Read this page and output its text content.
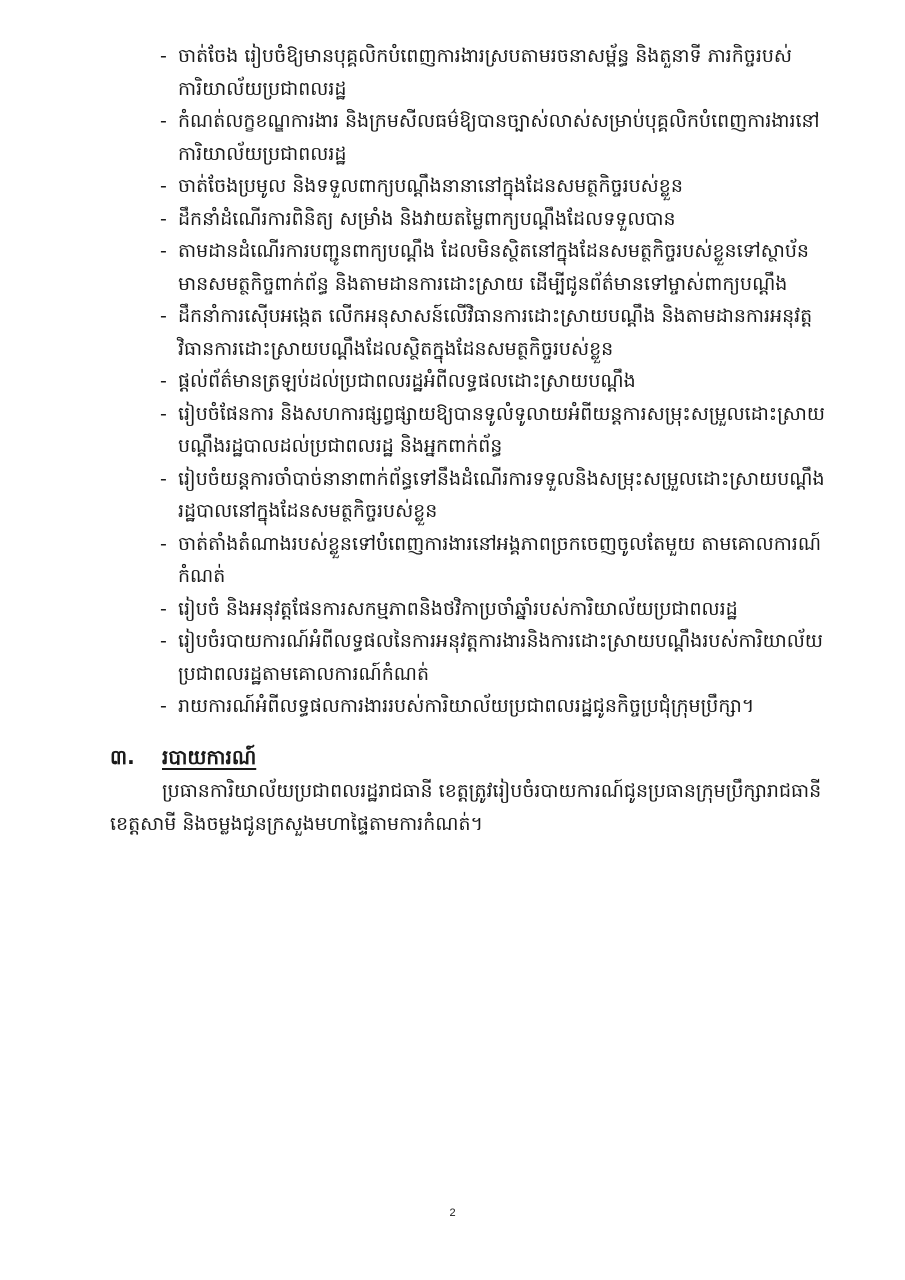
- ចាត់ចែង រៀបចំឱ្យមានបុគ្គលិកបំពេញការងារស្របតាមរចនាសម្ព័ន្ធ និងតួនាទី ភារកិច្ចរបស់ការិយាល័យប្រជាពលរដ្ឋ
- កំណត់លក្ខខណ្ឌការងារ និងក្រមសីលធម៌ឱ្យបានច្បាស់លាស់សម្រាប់បុគ្គលិកបំពេញការងារនៅការិយាល័យប្រជាពលរដ្ឋ
- ចាត់ចែងប្រមូល និងទទួលពាក្យបណ្តឹងនានានៅក្នុងដែនសមត្ថកិច្ចរបស់ខ្លួន
- ដឹកនាំដំណើរការពិនិត្យ សម្រាំង និងវាយតម្លៃពាក្យបណ្តឹងដែលទទួលបាន
- តាមដានដំណើរការបញ្ជូនពាក្យបណ្តឹង ដែលមិនស្ថិតនៅក្នុងដែនសមត្ថកិច្ចរបស់ខ្លួនទៅស្ថាប័នមានសមត្ថកិច្ចពាក់ព័ន្ធ និងតាមដានការដោះស្រាយ ដើម្បីជូនព័ត៌មានទៅម្ចាស់ពាក្យបណ្តឹង
- ដឹកនាំការស៊ើបអង្កេត លើកអនុសាសន៍លើវិធានការដោះស្រាយបណ្តឹង និងតាមដានការអនុវត្តវិធានការដោះស្រាយបណ្តឹងដែលស្ថិតក្នុងដែនសមត្ថកិច្ចរបស់ខ្លួន
- ផ្តល់ព័ត៌មានត្រឡប់ដល់ប្រជាពលរដ្ឋអំពីលទ្ធផលដោះស្រាយបណ្តឹង
- រៀបចំផែនការ និងសហការផ្សព្វផ្សាយឱ្យបានទូលំទូលាយអំពីយន្តការសម្រុះសម្រួលដោះស្រាយបណ្តឹងរដ្ឋបាលដល់ប្រជាពលរដ្ឋ និងអ្នកពាក់ព័ន្ធ
- រៀបចំយន្តការចាំបាច់នានាពាក់ព័ន្ធទៅនឹងដំណើរការទទួលនិងសម្រុះសម្រួលដោះស្រាយបណ្តឹងរដ្ឋបាលនៅក្នុងដែនសមត្ថកិច្ចរបស់ខ្លួន
- ចាត់តាំងតំណាងរបស់ខ្លួនទៅបំពេញការងារនៅអង្គភាពច្រកចេញចូលតែមួយ តាមគោលការណ៍កំណត់
- រៀបចំ និងអនុវត្តផែនការសកម្មភាពនិងថវិកាប្រចាំឆ្នាំរបស់ការិយាល័យប្រជាពលរដ្ឋ
- រៀបចំរបាយការណ៍អំពីលទ្ធផលនៃការអនុវត្តការងារនិងការដោះស្រាយបណ្តឹងរបស់ការិយាល័យប្រជាពលរដ្ឋតាមគោលការណ៍កំណត់
- រាយការណ៍អំពីលទ្ធផលការងាររបស់ការិយាល័យប្រជាពលរដ្ឋជូនកិច្ចប្រជុំក្រុមប្រឹក្សា។
៣.	របាយការណ៍

ប្រធានការិយាល័យប្រជាពលរដ្ឋរាជធានី ខេត្តត្រូវរៀបចំរបាយការណ៍ជូនប្រធានក្រុមប្រឹក្សារាជធានី ខេត្តសាមី និងចម្លងជូនក្រសួងមហាផ្ទៃតាមការកំណត់។

2
